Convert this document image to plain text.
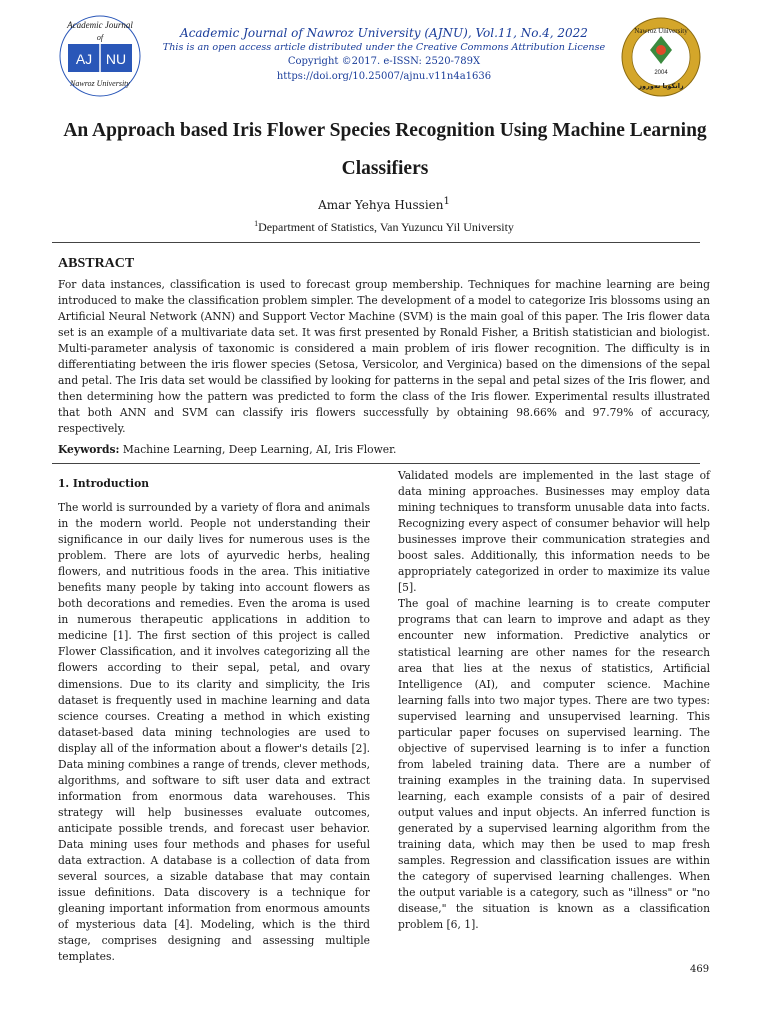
Academic Journal
of
AJ NU
Nawroz University
Nawroz University
2004
زانكۆیا نه‌وروز
Academic Journal of Nawroz University (AJNU), Vol.11, No.4, 2022
This is an open access article distributed under the Creative Commons Attribution License
Copyright ©2017. e-ISSN: 2520-789X
https://doi.org/10.25007/ajnu.v11n4a1636
An Approach based Iris Flower Species Recognition Using Machine Learning Classifiers
Amar Yehya Hussien$^1$
$^1$Department of Statistics, Van Yuzuncu Yil University
ABSTRACT
For data instances, classification is used to forecast group membership. Techniques for machine learning are being introduced to make the classification problem simpler. The development of a model to categorize Iris blossoms using an Artificial Neural Network (ANN) and Support Vector Machine (SVM) is the main goal of this paper. The Iris flower data set is an example of a multivariate data set. It was first presented by Ronald Fisher, a British statistician and biologist. Multi-parameter analysis of taxonomic is considered a main problem of iris flower recognition. The difficulty is in differentiating between the iris flower species (Setosa, Versicolor, and Verginica) based on the dimensions of the sepal and petal. The Iris data set would be classified by looking for patterns in the sepal and petal sizes of the Iris flower, and then determining how the pattern was predicted to form the class of the Iris flower. Experimental results illustrated that both ANN and SVM can classify iris flowers successfully by obtaining 98.66% and 97.79% of accuracy, respectively.
Keywords: Machine Learning, Deep Learning, AI, Iris Flower.
1. Introduction

The world is surrounded by a variety of flora and animals in the modern world. People not understanding their significance in our daily lives for numerous uses is the problem. There are lots of ayurvedic herbs, healing flowers, and nutritious foods in the area. This initiative benefits many people by taking into account flowers as both decorations and remedies. Even the aroma is used in numerous therapeutic applications in addition to medicine [1]. The first section of this project is called Flower Classification, and it involves categorizing all the flowers according to their sepal, petal, and ovary dimensions. Due to its clarity and simplicity, the Iris dataset is frequently used in machine learning and data science courses. Creating a method in which existing dataset-based data mining technologies are used to display all of the information about a flower's details [2]. Data mining combines a range of trends, clever methods, algorithms, and software to sift user data and extract information from enormous data warehouses. This strategy will help businesses evaluate outcomes, anticipate possible trends, and forecast user behavior. Data mining uses four methods and phases for useful data extraction. A database is a collection of data from several sources, a sizable database that may contain issue definitions. Data discovery is a technique for gleaning important information from enormous amounts of mysterious data [4]. Modeling, which is the third stage, comprises designing and assessing multiple templates.

Validated models are implemented in the last stage of data mining approaches. Businesses may employ data mining techniques to transform unusable data into facts. Recognizing every aspect of consumer behavior will help businesses improve their communication strategies and boost sales. Additionally, this information needs to be appropriately categorized in order to maximize its value [5].

The goal of machine learning is to create computer programs that can learn to improve and adapt as they encounter new information. Predictive analytics or statistical learning are other names for the research area that lies at the nexus of statistics, Artificial Intelligence (AI), and computer science. Machine learning falls into two major types. There are two types: supervised learning and unsupervised learning. This particular paper focuses on supervised learning. The objective of supervised learning is to infer a function from labeled training data. There are a number of training examples in the training data. In supervised learning, each example consists of a pair of desired output values and input objects. An inferred function is generated by a supervised learning algorithm from the training data, which may then be used to map fresh samples. Regression and classification issues are within the category of supervised learning challenges. When the output variable is a category, such as "illness" or "no disease," the situation is known as a classification problem [6, 1].

469
